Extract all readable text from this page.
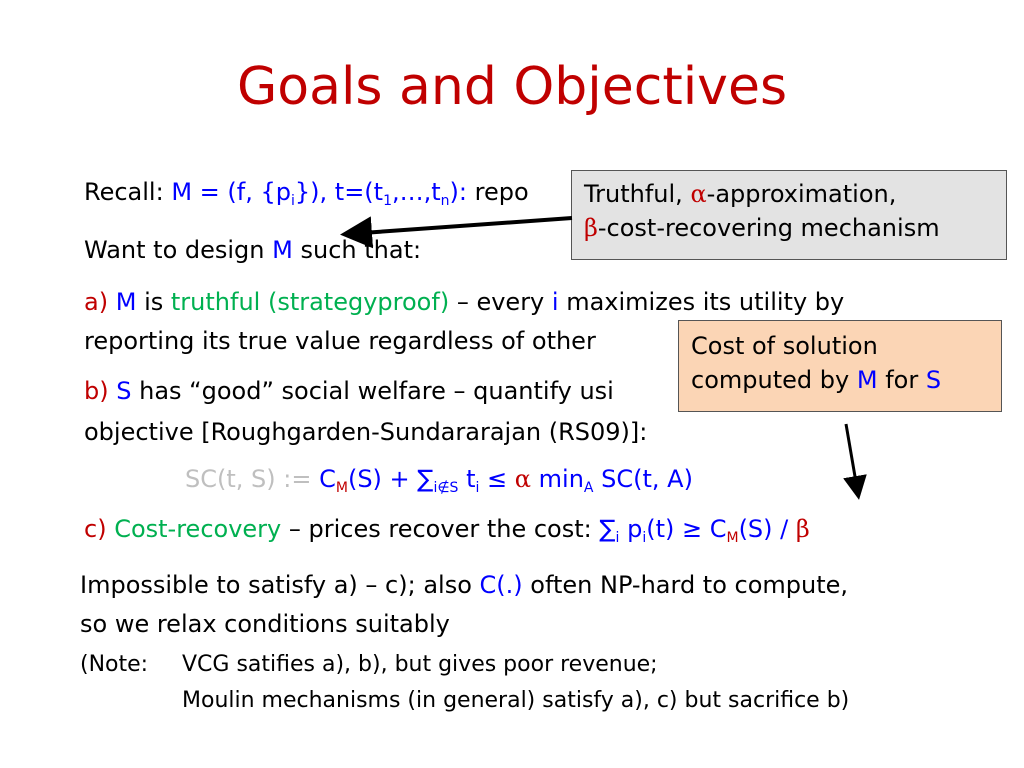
Goals and Objectives
Recall: M = (f, $\{p_i\}$), $t=(t_1,\dots,t_n)$: repo
Want to design M such that:
a) M is truthful (strategyproof) – every i maximizes its utility by
reporting its true value regardless of other
b) S has “good” social welfare – quantify usi
objective [Roughgarden-Sundararajan (RS09)]:
SC(t, S) := $C_M(S) + \sum_{i\notin S}$ $t_i \le \alpha$ $\min_A SC(t$, A)
c) Cost-recovery – prices recover the cost: $\sum_i$ $p_i(t) \ge C_M(S) / \beta$
Impossible to satisfy a) – c); also C(.) often NP-hard to compute,
so we relax conditions suitably
(Note: VCG satifies a), b), but gives poor revenue;
Moulin mechanisms (in general) satisfy a), c) but sacrifice b)
Truthful, α-approximation,
β-cost-recovering mechanism
Cost of solution
computed by M for S
